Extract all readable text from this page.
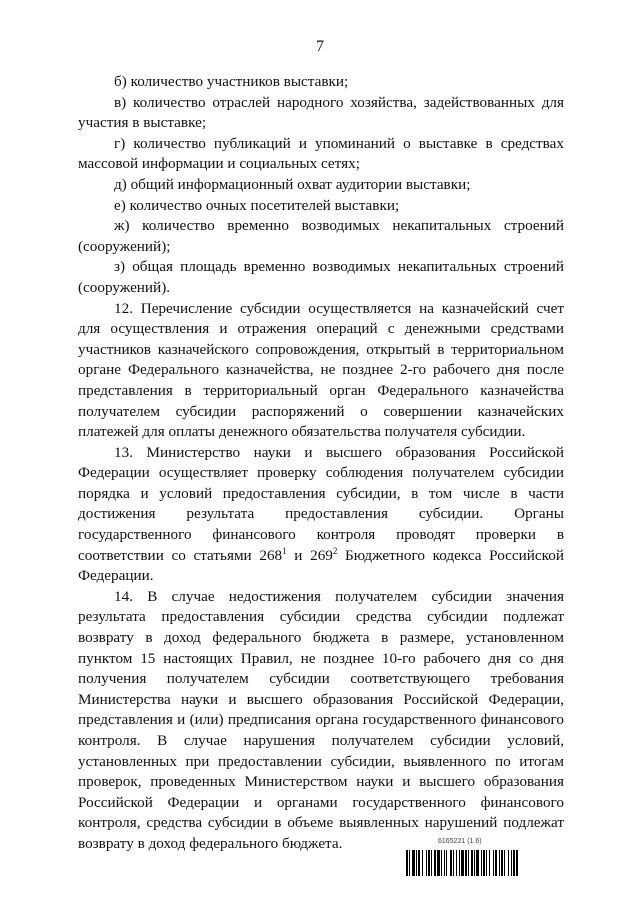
7

б) количество участников выставки;

в) количество отраслей народного хозяйства, задействованных для участия в выставке;

г) количество публикаций и упоминаний о выставке в средствах массовой информации и социальных сетях;

д) общий информационный охват аудитории выставки;

е) количество очных посетителей выставки;

ж) количество временно возводимых некапитальных строений (сооружений);

з) общая площадь временно возводимых некапитальных строений (сооружений).

12. Перечисление субсидии осуществляется на казначейский счет для осуществления и отражения операций с денежными средствами участников казначейского сопровождения, открытый в территориальном органе Федерального казначейства, не позднее 2-го рабочего дня после представления в территориальный орган Федерального казначейства получателем субсидии распоряжений о совершении казначейских платежей для оплаты денежного обязательства получателя субсидии.

13. Министерство науки и высшего образования Российской Федерации осуществляет проверку соблюдения получателем субсидии порядка и условий предоставления субсидии, в том числе в части достижения результата предоставления субсидии. Органы государственного финансового контроля проводят проверки в соответствии со статьями $268^1$ и $269^2$ Бюджетного кодекса Российской Федерации.

14. В случае недостижения получателем субсидии значения результата предоставления субсидии средства субсидии подлежат возврату в доход федерального бюджета в размере, установленном пунктом 15 настоящих Правил, не позднее 10-го рабочего дня со дня получения получателем субсидии соответствующего требования Министерства науки и высшего образования Российской Федерации, представления и (или) предписания органа государственного финансового контроля. В случае нарушения получателем субсидии условий, установленных при предоставлении субсидии, выявленного по итогам проверок, проведенных Министерством науки и высшего образования Российской Федерации и органами государственного финансового контроля, средства субсидии в объеме выявленных нарушений подлежат возврату в доход федерального бюджета.	6165221 (1.6)
